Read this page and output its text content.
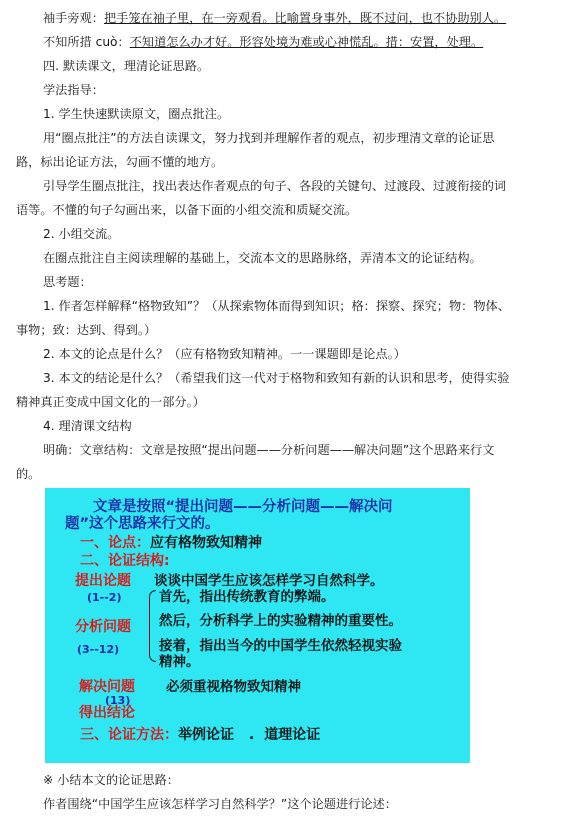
袖手旁观：把手笼在袖子里，在一旁观看。比喻置身事外，既不过问，也不协助别人。

不知所措 cuò：不知道怎么办才好。形容处境为难或心神慌乱。措：安置，处理。

四. 默读课文，理清论证思路。

学法指导：

1. 学生快速默读原文，圈点批注。

用“圈点批注”的方法自读课文，努力找到并理解作者的观点，初步理清文章的论证思

路，标出论证方法，勾画不懂的地方。

引导学生圈点批注，找出表达作者观点的句子、各段的关键句、过渡段、过渡衔接的词

语等。不懂的句子勾画出来，以备下面的小组交流和质疑交流。

2. 小组交流。

在圈点批注自主阅读理解的基础上，交流本文的思路脉络，弄清本文的论证结构。

思考题：

1. 作者怎样解释“格物致知”？（从探索物体而得到知识；格：探察、探究；物：物体、

事物；致：达到、得到。）

2. 本文的论点是什么？（应有格物致知精神。一一课题即是论点。）

3. 本文的结论是什么？（希望我们这一代对于格物和致知有新的认识和思考，使得实验

精神真正变成中国文化的一部分。）

4. 理清课文结构

明确：文章结构：文章是按照“提出问题——分析问题——解决问题”这个思路来行文

的。

文章是按照“提出问题——分析问题——解决问
题”这个思路来行文的。
一、论点：应有格物致知精神
二、论证结构:
提出论题 谈谈中国学生应该怎样学习自然科学。
(1--2)	首先，指出传统教育的弊端。
分析问题 然后，分析科学上的实验精神的重要性。
(3--12)	接着，指出当今的中国学生依然轻视实验
精神。
解决问题 必须重视格物致知精神
(13)
得出结论
三、论证方法：举例论证 . 道理论证
※ 小结本文的论证思路：
作者围绕“中国学生应该怎样学习自然科学？”这个论题进行论述：
